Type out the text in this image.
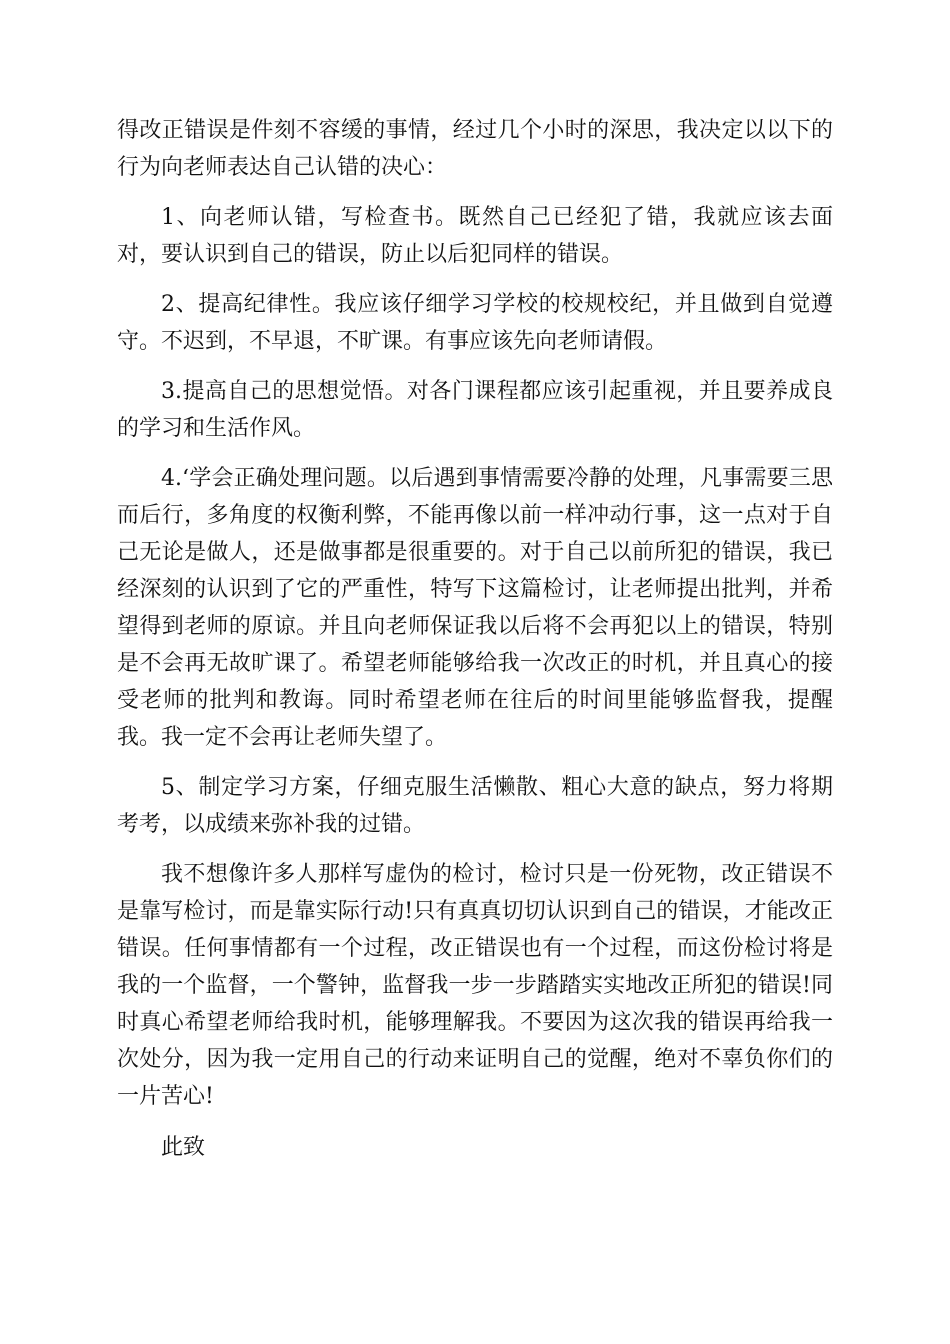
得改正错误是件刻不容缓的事情，经过几个小时的深思，我决定以以下的行为向老师表达自己认错的决心：

1、向老师认错，写检查书。既然自己已经犯了错，我就应该去面对，要认识到自己的错误，防止以后犯同样的错误。

2、提高纪律性。我应该仔细学习学校的校规校纪，并且做到自觉遵守。不迟到，不早退，不旷课。有事应该先向老师请假。

3.提高自己的思想觉悟。对各门课程都应该引起重视，并且要养成良的学习和生活作风。

4.‘学会正确处理问题。以后遇到事情需要冷静的处理，凡事需要三思而后行，多角度的权衡利弊，不能再像以前一样冲动行事，这一点对于自己无论是做人，还是做事都是很重要的。对于自己以前所犯的错误，我已经深刻的认识到了它的严重性，特写下这篇检讨，让老师提出批判，并希望得到老师的原谅。并且向老师保证我以后将不会再犯以上的错误，特别是不会再无故旷课了。希望老师能够给我一次改正的时机，并且真心的接受老师的批判和教诲。同时希望老师在往后的时间里能够监督我，提醒我。我一定不会再让老师失望了。

5、制定学习方案，仔细克服生活懒散、粗心大意的缺点，努力将期考考，以成绩来弥补我的过错。

我不想像许多人那样写虚伪的检讨，检讨只是一份死物，改正错误不是靠写检讨，而是靠实际行动!只有真真切切认识到自己的错误，才能改正错误。任何事情都有一个过程，改正错误也有一个过程，而这份检讨将是我的一个监督，一个警钟，监督我一步一步踏踏实实地改正所犯的错误!同时真心希望老师给我时机，能够理解我。不要因为这次我的错误再给我一次处分，因为我一定用自己的行动来证明自己的觉醒，绝对不辜负你们的一片苦心!

此致
